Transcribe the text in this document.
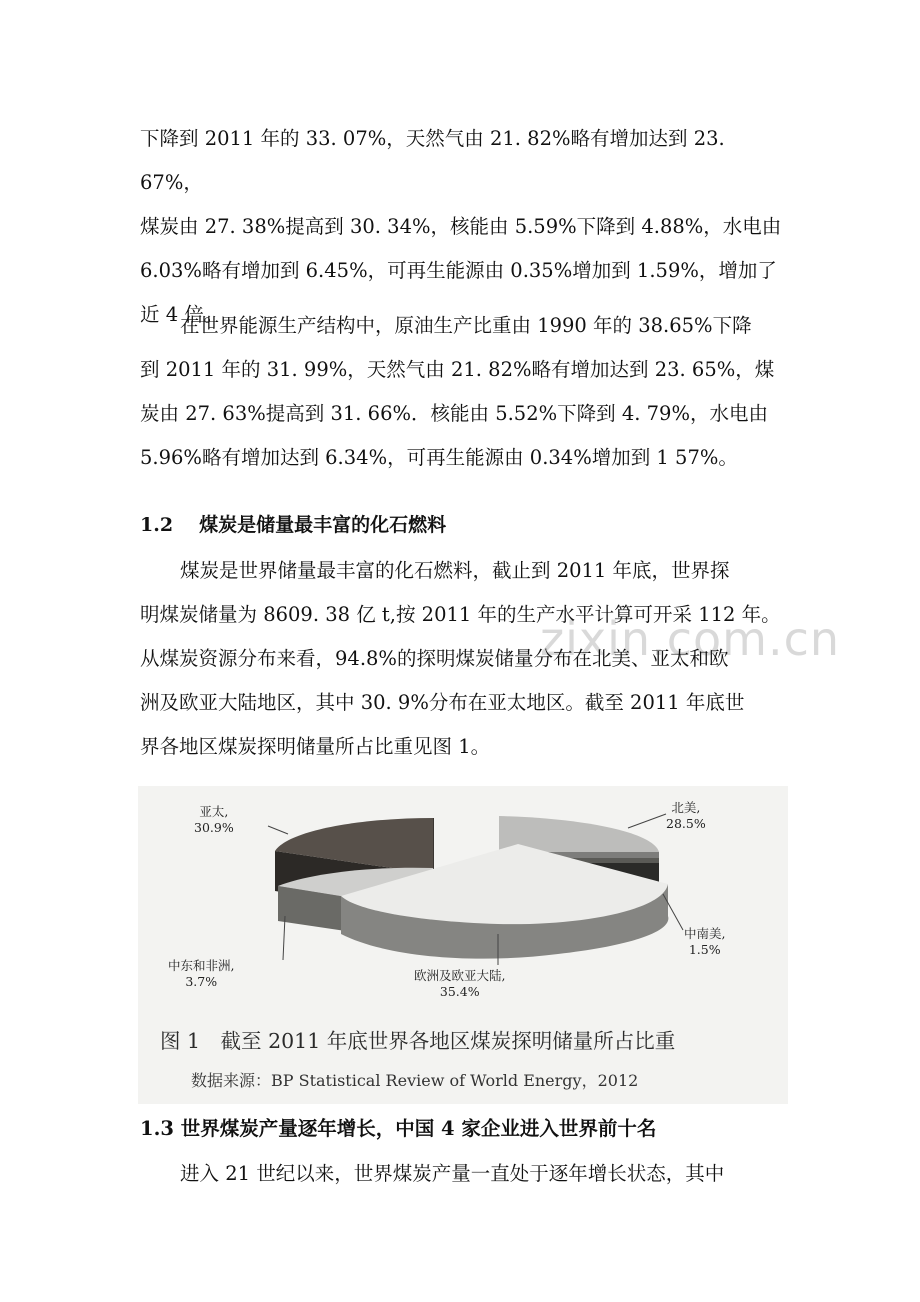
zixin.com.cn
下降到 2011 年的 33. 07%，天然气由 21. 82%略有增加达到 23. 67%，
煤炭由 27. 38%提高到 30. 34%，核能由 5.59%下降到 4.88%，水电由
6.03%略有增加到 6.45%，可再生能源由 0.35%增加到 1.59%，增加了
近 4 倍。
在世界能源生产结构中，原油生产比重由 1990 年的 38.65%下降
到 2011 年的 31. 99%，天然气由 21. 82%略有增加达到 23. 65%，煤
炭由 27. 63%提高到 31. 66%．核能由 5.52%下降到 4. 79%，水电由
5.96%略有增加达到 6.34%，可再生能源由 0.34%增加到 1 57%。
1.2 煤炭是储量最丰富的化石燃料
煤炭是世界储量最丰富的化石燃料，截止到 2011 年底，世界探
明煤炭储量为 8609. 38 亿 t,按 2011 年的生产水平计算可开采 112 年。
从煤炭资源分布来看，94.8%的探明煤炭储量分布在北美、亚太和欧
洲及欧亚大陆地区，其中 30. 9%分布在亚太地区。截至 2011 年底世
界各地区煤炭探明储量所占比重见图 1。
亚太,
30.9%
北美,
28.5%
中南美,
1.5%
中东和非洲,
3.7%	欧洲及欧亚大陆,
35.4%
图 1　截至 2011 年底世界各地区煤炭探明储量所占比重
数据来源：BP Statistical Review of World Energy，2012
1.3 世界煤炭产量逐年增长，中国 4 家企业进入世界前十名
进入 21 世纪以来，世界煤炭产量一直处于逐年增长状态，其中
